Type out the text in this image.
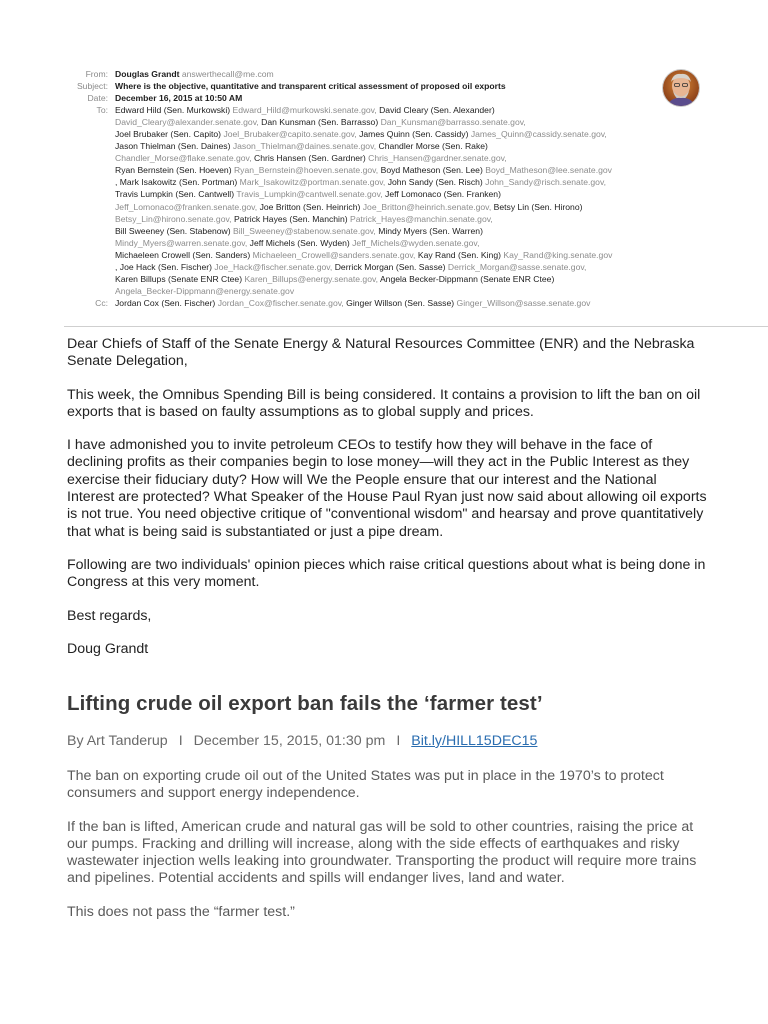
From: Douglas Grandt answerthecall@me.com
Subject: Where is the objective, quantitative and transparent critical assessment of proposed oil exports
Date: December 16, 2015 at 10:50 AM
To: Edward Hild (Sen. Murkowski) Edward_Hild@murkowski.senate.gov, David Cleary (Sen. Alexander)
David_Cleary@alexander.senate.gov, Dan Kunsman (Sen. Barrasso) Dan_Kunsman@barrasso.senate.gov,
Joel Brubaker (Sen. Capito) Joel_Brubaker@capito.senate.gov, James Quinn (Sen. Cassidy) James_Quinn@cassidy.senate.gov,
Jason Thielman (Sen. Daines) Jason_Thielman@daines.senate.gov, Chandler Morse (Sen. Rake)
Chandler_Morse@flake.senate.gov, Chris Hansen (Sen. Gardner) Chris_Hansen@gardner.senate.gov,
Ryan Bernstein (Sen. Hoeven) Ryan_Bernstein@hoeven.senate.gov, Boyd Matheson (Sen. Lee) Boyd_Matheson@lee.senate.gov
, Mark Isakowitz (Sen. Portman) Mark_Isakowitz@portman.senate.gov, John Sandy (Sen. Risch) John_Sandy@risch.senate.gov,
Travis Lumpkin (Sen. Cantwell) Travis_Lumpkin@cantwell.senate.gov, Jeff Lomonaco (Sen. Franken)
Jeff_Lomonaco@franken.senate.gov, Joe Britton (Sen. Heinrich) Joe_Britton@heinrich.senate.gov, Betsy Lin (Sen. Hirono)
Betsy_Lin@hirono.senate.gov, Patrick Hayes (Sen. Manchin) Patrick_Hayes@manchin.senate.gov,
Bill Sweeney (Sen. Stabenow) Bill_Sweeney@stabenow.senate.gov, Mindy Myers (Sen. Warren)
Mindy_Myers@warren.senate.gov, Jeff Michels (Sen. Wyden) Jeff_Michels@wyden.senate.gov,
Michaeleen Crowell (Sen. Sanders) Michaeleen_Crowell@sanders.senate.gov, Kay Rand (Sen. King) Kay_Rand@king.senate.gov
, Joe Hack (Sen. Fischer) Joe_Hack@fischer.senate.gov, Derrick Morgan (Sen. Sasse) Derrick_Morgan@sasse.senate.gov,
Karen Billups (Senate ENR Ctee) Karen_Billups@energy.senate.gov, Angela Becker-Dippmann (Senate ENR Ctee)
Angela_Becker-Dippmann@energy.senate.gov
Cc: Jordan Cox (Sen. Fischer) Jordan_Cox@fischer.senate.gov, Ginger Willson (Sen. Sasse) Ginger_Willson@sasse.senate.gov

Dear Chiefs of Staff of the Senate Energy & Natural Resources Committee (ENR) and the Nebraska Senate Delegation,

This week, the Omnibus Spending Bill is being considered. It contains a provision to lift the ban on oil exports that is based on faulty assumptions as to global supply and prices.

I have admonished you to invite petroleum CEOs to testify how they will behave in the face of declining profits as their companies begin to lose money—will they act in the Public Interest as they exercise their fiduciary duty? How will We the People ensure that our interest and the National Interest are protected? What Speaker of the House Paul Ryan just now said about allowing oil exports is not true. You need objective critique of "conventional wisdom" and hearsay and prove quantitatively that what is being said is substantiated or just a pipe dream.

Following are two individuals' opinion pieces which raise critical questions about what is being done in Congress at this very moment.

Best regards,

Doug Grandt

Lifting crude oil export ban fails the ‘farmer test’
By Art Tanderup I December 15, 2015, 01:30 pm I Bit.ly/HILL15DEC15

The ban on exporting crude oil out of the United States was put in place in the 1970’s to protect consumers and support energy independence.

If the ban is lifted, American crude and natural gas will be sold to other countries, raising the price at our pumps. Fracking and drilling will increase, along with the side effects of earthquakes and risky wastewater injection wells leaking into groundwater. Transporting the product will require more trains and pipelines. Potential accidents and spills will endanger lives, land and water.

This does not pass the “farmer test.”
